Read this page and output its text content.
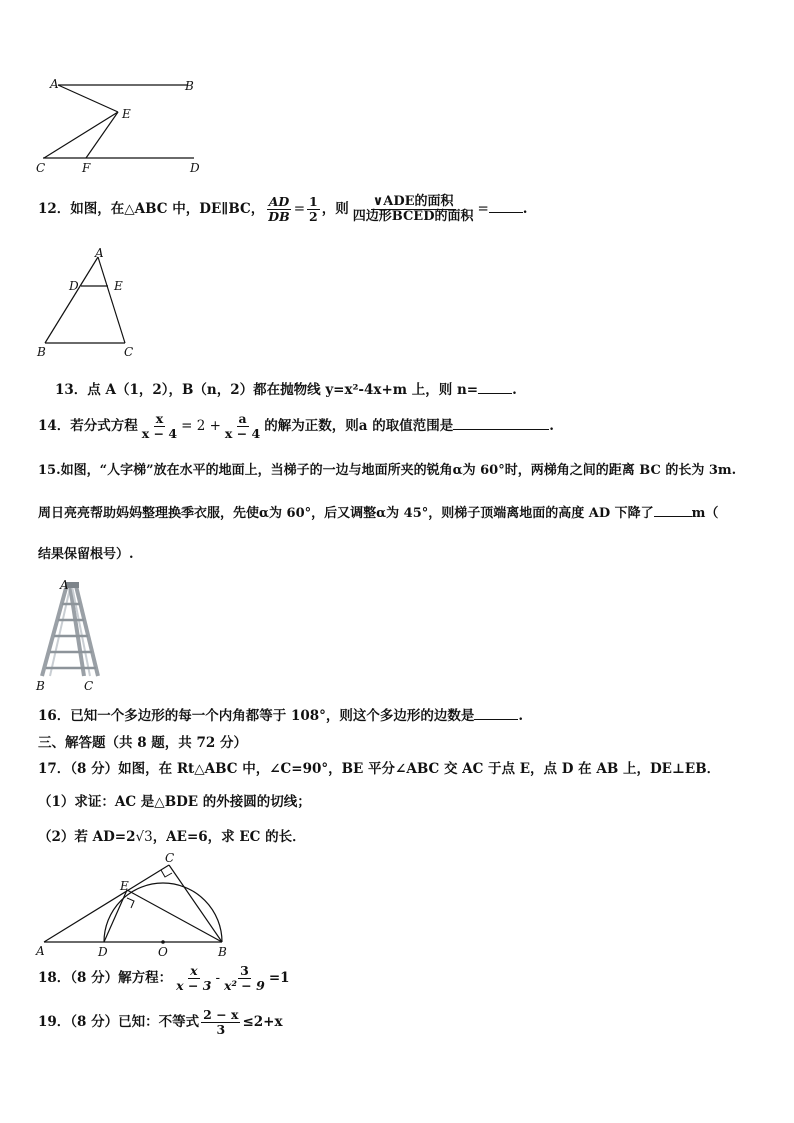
A	B
E
C	F	D
12．如图，在△ABC 中，DE∥BC， $\frac{AD}{DB} = \frac{1}{2}$ ，则 $\frac{\text{∨ADE的面积}}{\text{四边形BCED的面积}}$ =	.
A
D	E
B	C
13．点 A（1，2），B（n，2）都在抛物线 y=x²-4x+m 上，则 n=	.
14．若分式方程 $\frac{x}{x - 4} = 2 + \frac{a}{x - 4}$ 的解为正数，则a 的取值范围是	.
15.如图，“人字梯”放在水平的地面上，当梯子的一边与地面所夹的锐角α为 60°时，两梯角之间的距离 BC 的长为 3m.
周日亮亮帮助妈妈整理换季衣服，先使α为 60°，后又调整α为 45°，则梯子顶端离地面的高度 AD 下降了	m（
结果保留根号）.
A
B	C
16．已知一个多边形的每一个内角都等于 108°，则这个多边形的边数是	.
三、解答题（共 8 题，共 72 分）
17．（8 分）如图，在 Rt△ABC 中，∠C=90°，BE 平分∠ABC 交 AC 于点 E，点 D 在 AB 上，DE⊥EB．
（1）求证：AC 是△BDE 的外接圆的切线；
（2）若 AD=2√3，AE=6，求 EC 的长．
C
E
A	D	O	B
18．（8 分）解方程： $\frac{x}{x - 3} - \frac{3}{\text{x² − 9}} =1$
19．（8 分）已知：不等式 $\frac{2 - x}{3} \le 2+x$
